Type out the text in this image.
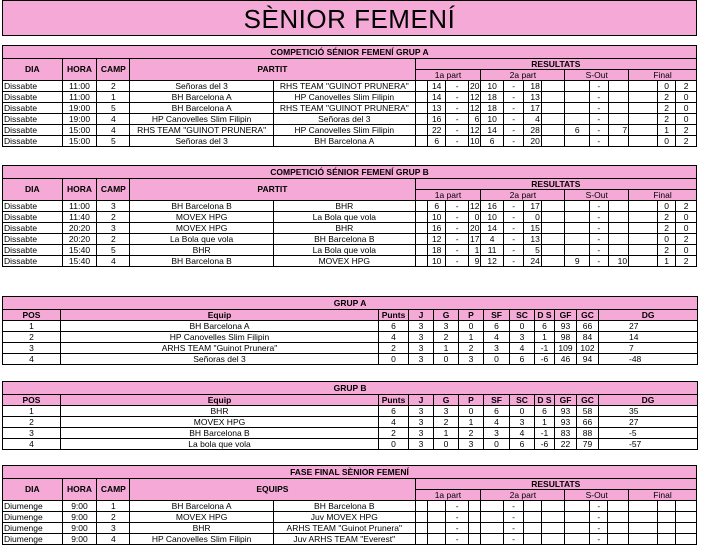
SÈNIOR FEMENÍ
COMPETICIÓ SÉNIOR FEMENÍ GRUP A																		
DIA	HORA	CAMP	PARTIT		RESULTATS													
					1a part				2a part				S-Out			Final		
Dissabte	11:00	2	Señoras del 3	RHS TEAM "GUINOT PRUNERA"		14	-	20	10	-	18			-			0	2
Dissabte	11:00	1	BH Barcelona A	HP Canovelles Slim Filipin		14	-	12	18	-	13			-			2	0
Dissabte	19:00	5	BH Barcelona A	RHS TEAM "GUINOT PRUNERA"		13	-	12	18	-	17			-			2	0
Dissabte	19:00	4	HP Canovelles Slim Filipin	Señoras del 3		16	-	6	10	-	4			-			2	0
Dissabte	15:00	4	RHS TEAM "GUINOT PRUNERA"	HP Canovelles Slim Filipin		22	-	12	14	-	28		6	-	7		1	2
Dissabte	15:00	5	Señoras del 3	BH Barcelona A		6	-	10	6	-	20			-			0	2
COMPETICIÓ SÉNIOR FEMENÍ GRUP B																		
DIA	HORA	CAMP	PARTIT		RESULTATS													
					1a part				2a part				S-Out			Final		
Dissabte	11:00	3	BH Barcelona B	BHR		6	-	12	16	-	17			-			0	2
Dissabte	11:40	2	MOVEX HPG	La Bola que vola		10	-	0	10	-	0			-			2	0
Dissabte	20:20	3	MOVEX HPG	BHR		16	-	20	14	-	15			-			2	0
Dissabte	20:20	2	La Bola que vola	BH Barcelona B		12	-	17	4	-	13			-			0	2
Dissabte	15:40	5	BHR	La Bola que vola		18	-	1	11	-	5			-			2	0
Dissabte	15:40	4	BH Barcelona B	MOVEX HPG		10	-	9	12	-	24		9	-	10		1	2
GRUP A											
POS	Equip	Punts	J	G	P	SF	SC	D S	GF	GC	DG
1	BH Barcelona A	6	3	3	0	6	0	6	93	66	27
2	HP Canovelles Slim Filipin	4	3	2	1	4	3	1	98	84	14
3	ARHS TEAM "Guinot Prunera"	2	3	1	2	3	4	-1	109	102	7
4	Señoras del 3	0	3	0	3	0	6	-6	46	94	-48
GRUP B											
POS	Equip	Punts	J	G	P	SF	SC	D S	GF	GC	DG
1	BHR	6	3	3	0	6	0	6	93	58	35
2	MOVEX HPG	4	3	2	1	4	3	1	93	66	27
3	BH Barcelona B	2	3	1	2	3	4	-1	83	88	-5
4	La bola que vola	0	3	0	3	0	6	-6	22	79	-57
FASE FINAL SÈNIOR FEMENÍ																		
DIA	HORA	CAMP	EQUIPS		RESULTATS													
					1a part				2a part				S-Out			Final		
Diumenge	9:00	1	BH Barcelona A	BH Barcelona B			-			-				-				
Diumenge	9:00	2	MOVEX HPG	Juv MOVEX HPG			-			-				-				
Diumenge	9:00	3	BHR	ARHS TEAM "Guinot Prunera"			-			-				-				
Diumenge	9:00	4	HP Canovelles Slim Filipin	Juv ARHS TEAM "Everest"			-			-				-				
